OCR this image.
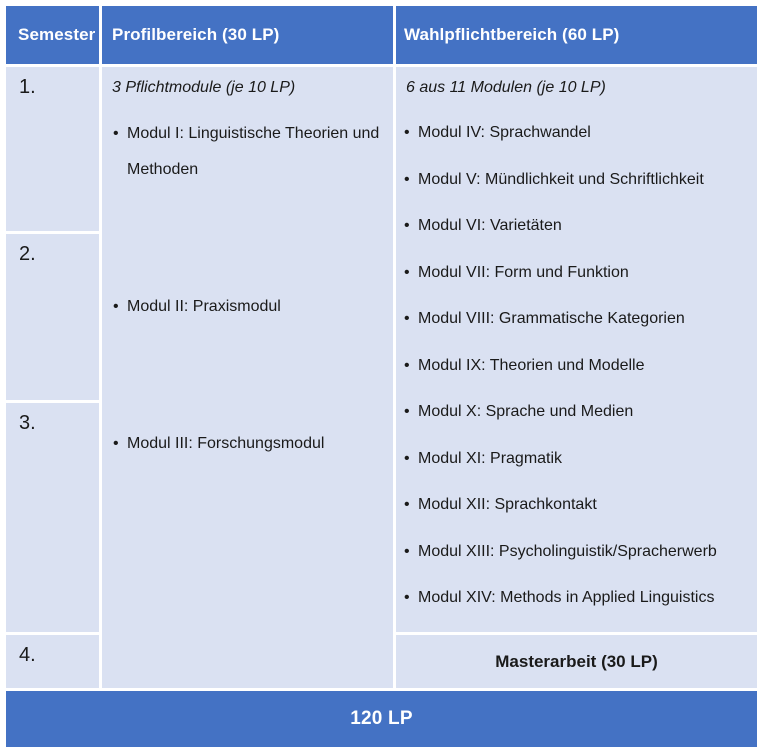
Semester Profilbereich (30 LP)	Wahlpflichtbereich (60 LP)
1.
2.
3.
4.
3 Pflichtmodule (je 10 LP)
• Modul I: Linguistische Theorien und Methoden
• Modul II: Praxismodul
• Modul III: Forschungsmodul
6 aus 11 Modulen (je 10 LP)
• Modul IV: Sprachwandel
• Modul V: Mündlichkeit und Schriftlichkeit
• Modul VI: Varietäten
• Modul VII: Form und Funktion
• Modul VIII: Grammatische Kategorien
• Modul IX: Theorien und Modelle
• Modul X: Sprache und Medien
• Modul XI: Pragmatik
• Modul XII: Sprachkontakt
• Modul XIII: Psycholinguistik/Spracherwerb
• Modul XIV: Methods in Applied Linguistics
Masterarbeit (30 LP)
120 LP
